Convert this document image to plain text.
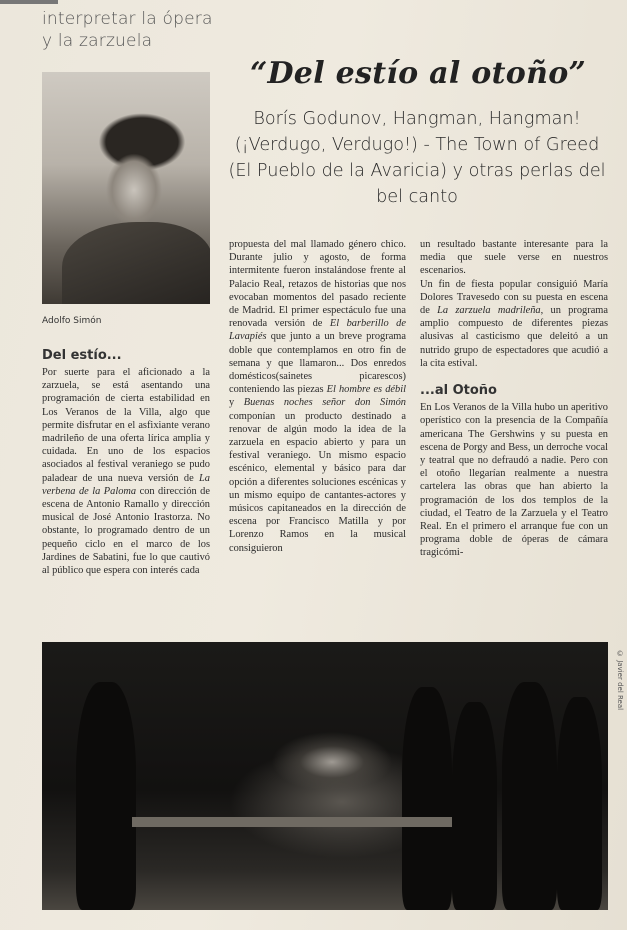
interpretar la ópera
y la zarzuela
Adolfo Simón
“Del estío al otoño”
Borís Godunov, Hangman, Hangman! (¡Verdugo, Verdugo!) - The Town of Greed (El Pueblo de la Avaricia) y otras perlas del bel canto
Del estío...

Por suerte para el aficionado a la zarzuela, se está asentando una programación de cierta estabilidad en Los Veranos de la Villa, algo que permite disfrutar en el asfixiante verano madrileño de una oferta lírica amplia y cuidada. En uno de los espacios asociados al festival veraniego se pudo paladear de una nueva versión de La verbena de la Paloma con dirección de escena de Antonio Ramallo y dirección musical de José Antonio Irastorza. No obstante, lo programado dentro de un pequeño ciclo en el marco de los Jardines de Sabatini, fue lo que cautivó al público que espera con interés cada

propuesta del mal llamado género chico. Durante julio y agosto, de forma intermitente fueron instalándose frente al Palacio Real, retazos de historias que nos evocaban momentos del pasado reciente de Madrid. El primer espectáculo fue una renovada versión de El barberillo de Lavapiés que junto a un breve programa doble que contemplamos en otro fin de semana y que llamaron... Dos enredos domésticos(sainetes picarescos) conteniendo las piezas El hombre es débil y Buenas noches señor don Simón componían un producto destinado a renovar de algún modo la idea de la zarzuela en espacio abierto y para un festival veraniego. Un mismo espacio escénico, elemental y básico para dar opción a diferentes soluciones escénicas y un mismo equipo de cantantes-actores y músicos capitaneados en la dirección de escena por Francisco Matilla y por Lorenzo Ramos en la musical consiguieron

un resultado bastante interesante para la media que suele verse en nuestros escenarios.

Un fin de fiesta popular consiguió María Dolores Travesedo con su puesta en escena de La zarzuela madrileña, un programa amplio compuesto de diferentes piezas alusivas al casticismo que deleitó a un nutrido grupo de espectadores que acudió a la cita estival.

...al Otoño

En Los Veranos de la Villa hubo un aperitivo operístico con la presencia de la Compañía americana The Gershwins y su puesta en escena de Porgy and Bess, un derroche vocal y teatral que no defraudó a nadie. Pero con el otoño llegarían realmente a nuestra cartelera las obras que han abierto la programación de los dos templos de la ciudad, el Teatro de la Zarzuela y el Teatro Real. En el primero el arranque fue con un programa doble de óperas de cámara tragicómi-

© Javier del Real
